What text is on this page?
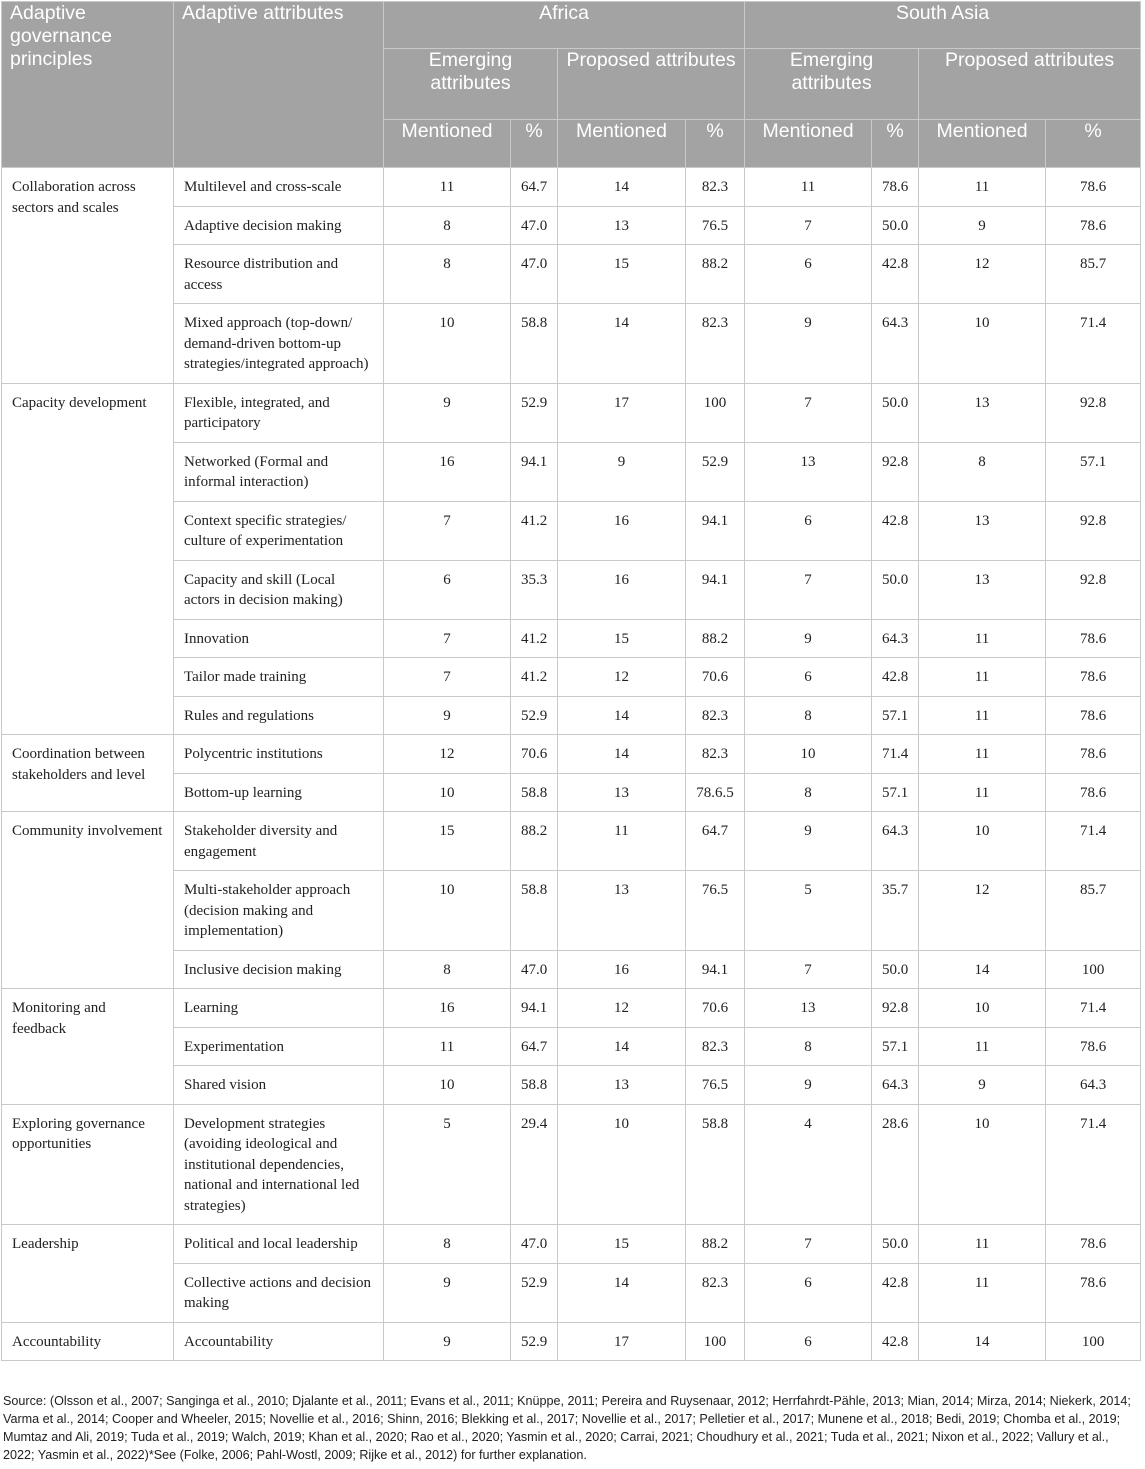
Adaptive governance principles	Adaptive attributes	Africa				South Asia			
		Emerging attributes		Proposed attributes		Emerging attributes		Proposed attributes	
		Mentioned	%	Mentioned	%	Mentioned	%	Mentioned	%
Collaboration across sectors and scales	Multilevel and cross-scale	11	64.7	14	82.3	11	78.6	11	78.6
	Adaptive decision making	8	47.0	13	76.5	7	50.0	9	78.6
	Resource distribution and access	8	47.0	15	88.2	6	42.8	12	85.7
	Mixed approach (top-down/ demand-driven bottom-up strategies/integrated approach)	10	58.8	14	82.3	9	64.3	10	71.4
Capacity development	Flexible, integrated, and participatory	9	52.9	17	100	7	50.0	13	92.8
	Networked (Formal and informal interaction)	16	94.1	9	52.9	13	92.8	8	57.1
	Context specific strategies/ culture of experimentation	7	41.2	16	94.1	6	42.8	13	92.8
	Capacity and skill (Local actors in decision making)	6	35.3	16	94.1	7	50.0	13	92.8
	Innovation	7	41.2	15	88.2	9	64.3	11	78.6
	Tailor made training	7	41.2	12	70.6	6	42.8	11	78.6
	Rules and regulations	9	52.9	14	82.3	8	57.1	11	78.6
Coordination between stakeholders and level	Polycentric institutions	12	70.6	14	82.3	10	71.4	11	78.6
	Bottom-up learning	10	58.8	13	78.6.5	8	57.1	11	78.6
Community involvement	Stakeholder diversity and engagement	15	88.2	11	64.7	9	64.3	10	71.4
	Multi-stakeholder approach (decision making and implementation)	10	58.8	13	76.5	5	35.7	12	85.7
	Inclusive decision making	8	47.0	16	94.1	7	50.0	14	100
Monitoring and feedback	Learning	16	94.1	12	70.6	13	92.8	10	71.4
	Experimentation	11	64.7	14	82.3	8	57.1	11	78.6
	Shared vision	10	58.8	13	76.5	9	64.3	9	64.3
Exploring governance opportunities	Development strategies (avoiding ideological and institutional dependencies, national and international led strategies)	5	29.4	10	58.8	4	28.6	10	71.4
Leadership	Political and local leadership	8	47.0	15	88.2	7	50.0	11	78.6
	Collective actions and decision making	9	52.9	14	82.3	6	42.8	11	78.6
Accountability	Accountability	9	52.9	17	100	6	42.8	14	100
Source: (Olsson et al., 2007; Sanginga et al., 2010; Djalante et al., 2011; Evans et al., 2011; Knüppe, 2011; Pereira and Ruysenaar, 2012; Herrfahrdt-Pähle, 2013; Mian, 2014; Mirza, 2014; Niekerk, 2014; Varma et al., 2014; Cooper and Wheeler, 2015; Novellie et al., 2016; Shinn, 2016; Blekking et al., 2017; Novellie et al., 2017; Pelletier et al., 2017; Munene et al., 2018; Bedi, 2019; Chomba et al., 2019; Mumtaz and Ali, 2019; Tuda et al., 2019; Walch, 2019; Khan et al., 2020; Rao et al., 2020; Yasmin et al., 2020; Carrai, 2021; Choudhury et al., 2021; Tuda et al., 2021; Nixon et al., 2022; Vallury et al., 2022; Yasmin et al., 2022)*See (Folke, 2006; Pahl-Wostl, 2009; Rijke et al., 2012) for further explanation.
